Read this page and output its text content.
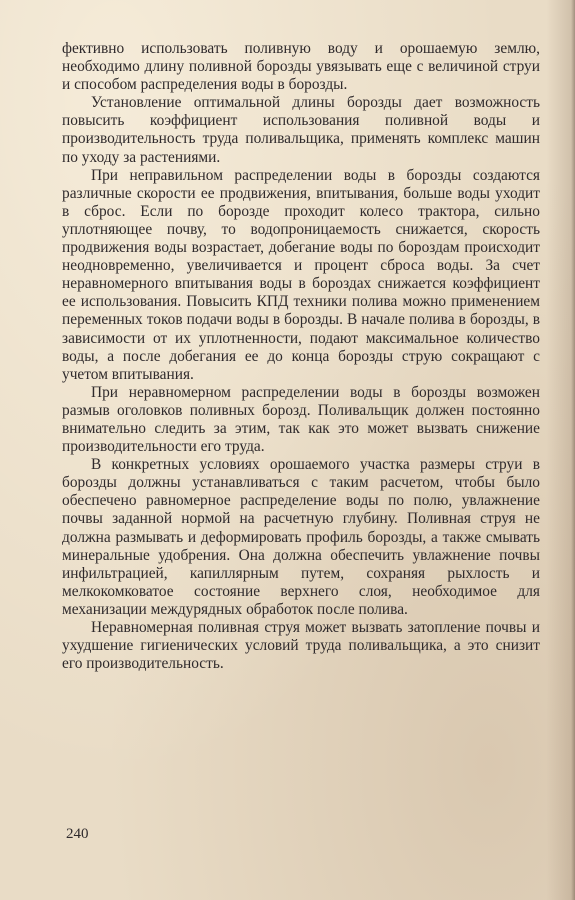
фективно использовать поливную воду и орошаемую землю, необходимо длину поливной борозды увязывать еще с величиной струи и способом распределения воды в борозды.

Установление оптимальной длины борозды дает возможность повысить коэффициент использования поливной воды и производительность труда поливальщика, применять комплекс машин по уходу за растениями.

При неправильном распределении воды в борозды создаются различные скорости ее продвижения, впитывания, больше воды уходит в сброс. Если по борозде проходит колесо трактора, сильно уплотняющее почву, то водопроницаемость снижается, скорость продвижения воды возрастает, добегание воды по бороздам происходит неодновременно, увеличивается и процент сброса воды. За счет неравномерного впитывания воды в бороздах снижается коэффициент ее использования. Повысить КПД техники полива можно применением переменных токов подачи воды в борозды. В начале полива в борозды, в зависимости от их уплотненности, подают максимальное количество воды, а после добегания ее до конца борозды струю сокращают с учетом впитывания.

При неравномерном распределении воды в борозды возможен размыв оголовков поливных борозд. Поливальщик должен постоянно внимательно следить за этим, так как это может вызвать снижение производительности его труда.

В конкретных условиях орошаемого участка размеры струи в борозды должны устанавливаться с таким расчетом, чтобы было обеспечено равномерное распределение воды по полю, увлажнение почвы заданной нормой на расчетную глубину. Поливная струя не должна размывать и деформировать профиль борозды, а также смывать минеральные удобрения. Она должна обеспечить увлажнение почвы инфильтрацией, капиллярным путем, сохраняя рыхлость и мелкокомковатое состояние верхнего слоя, необходимое для механизации междурядных обработок после полива.

Неравномерная поливная струя может вызвать затопление почвы и ухудшение гигиенических условий труда поливальщика, а это снизит его производительность.

240
